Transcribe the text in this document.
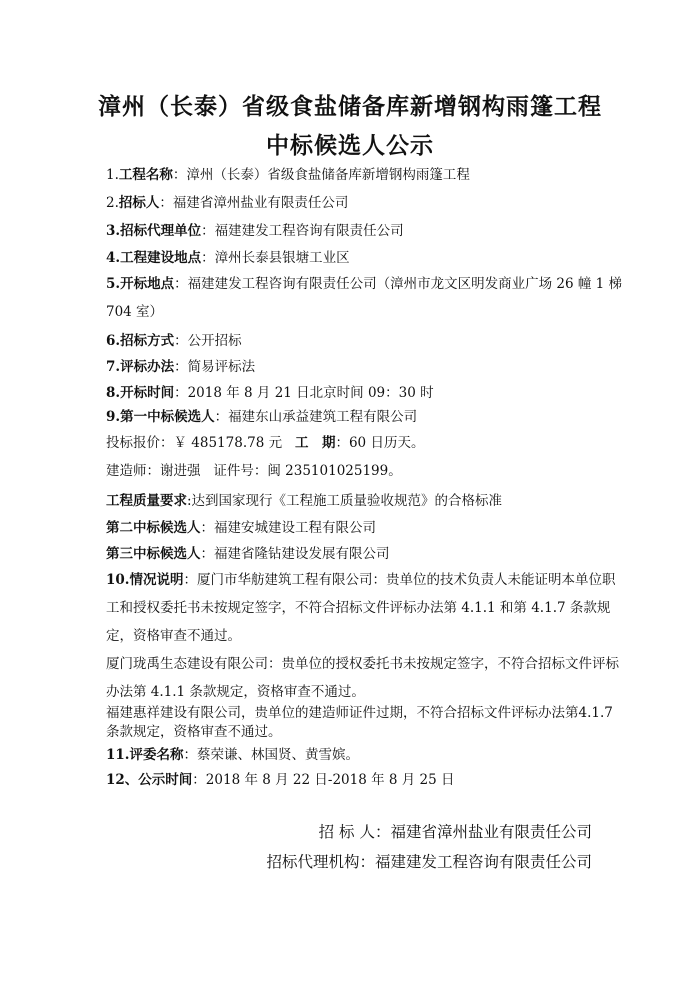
漳州（长泰）省级食盐储备库新增钢构雨篷工程
中标候选人公示
1.工程名称：漳州（长泰）省级食盐储备库新增钢构雨篷工程
2.招标人：福建省漳州盐业有限责任公司
3.招标代理单位：福建建发工程咨询有限责任公司
4.工程建设地点：漳州长泰县银塘工业区
5.开标地点：福建建发工程咨询有限责任公司（漳州市龙文区明发商业广场 26 幢 1 梯 704 室）
6.招标方式：公开招标
7.评标办法：简易评标法
8.开标时间：2018 年 8 月 21 日北京时间 09：30 时
9.第一中标候选人：福建东山承益建筑工程有限公司
投标报价：￥ 485178.78 元 工　期：60 日历天。
建造师：谢进强 证件号：闽 235101025199。
工程质量要求:达到国家现行《工程施工质量验收规范》的合格标准
第二中标候选人：福建安城建设工程有限公司
第三中标候选人：福建省隆钻建设发展有限公司
10.情况说明：厦门市华舫建筑工程有限公司：贵单位的技术负责人未能证明本单位职工和授权委托书未按规定签字，不符合招标文件评标办法第 4.1.1 和第 4.1.7 条款规定，资格审查不通过。
厦门珑禹生态建设有限公司：贵单位的授权委托书未按规定签字，不符合招标文件评标办法第 4.1.1 条款规定，资格审查不通过。
福建惠祥建设有限公司，贵单位的建造师证件过期，不符合招标文件评标办法第4.1.7条款规定，资格审查不通过。
11.评委名称：蔡荣谦、林国贤、黄雪嫔。
12、公示时间：2018 年 8 月 22 日-2018 年 8 月 25 日
招 标 人：福建省漳州盐业有限责任公司
招标代理机构：福建建发工程咨询有限责任公司
